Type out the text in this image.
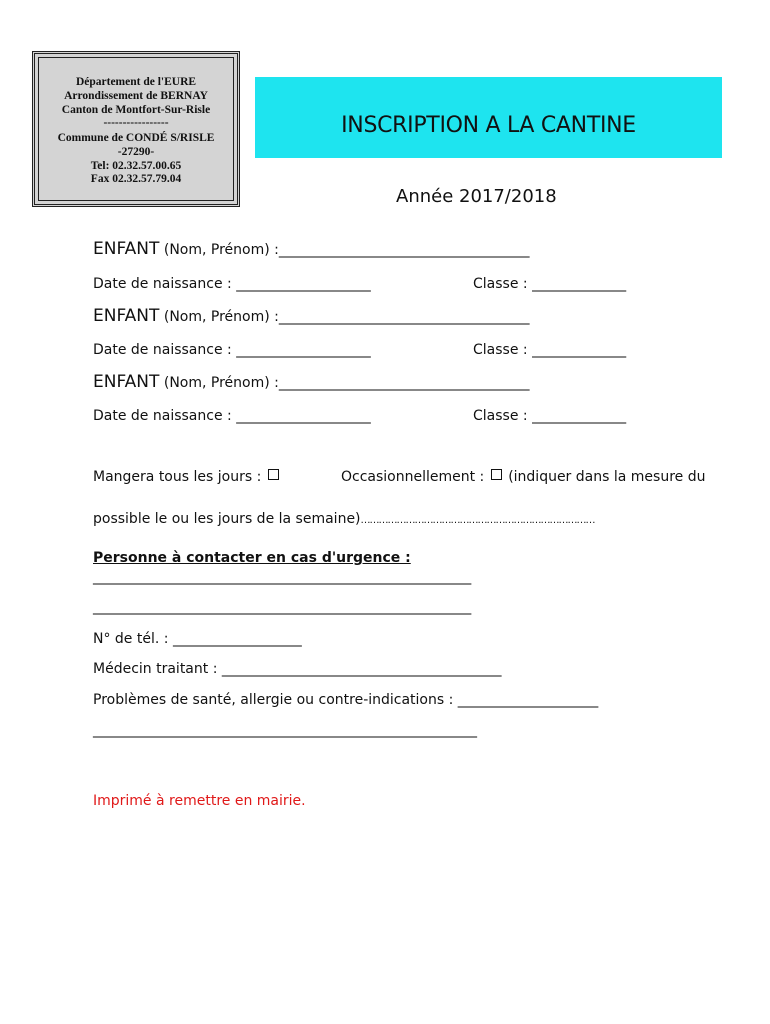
Département de l'EURE
Arrondissement de BERNAY
Canton de Montfort-Sur-Risle
-----------------
Commune de CONDÉ S/RISLE
-27290-
Tel: 02.32.57.00.65
Fax 02.32.57.79.04
INSCRIPTION A LA CANTINE
Année 2017/2018
ENFANT (Nom, Prénom) :___________________________________________
Date de naissance : _______________________	Classe : ________________
ENFANT (Nom, Prénom) :___________________________________________
Date de naissance : _______________________	Classe : ________________
ENFANT (Nom, Prénom) :___________________________________________
Date de naissance : _______________________	Classe : ________________
Mangera tous les jours :	Occasionnellement : (indiquer dans la mesure du
possible le ou les jours de la semaine)……………………………………………………………………
Personne à contacter en cas d'urgence :
_________________________________________________________________
_________________________________________________________________
N° de tél. : ______________________
Médecin traitant : ________________________________________________
Problèmes de santé, allergie ou contre-indications : ________________________
__________________________________________________________________
Imprimé à remettre en mairie.
